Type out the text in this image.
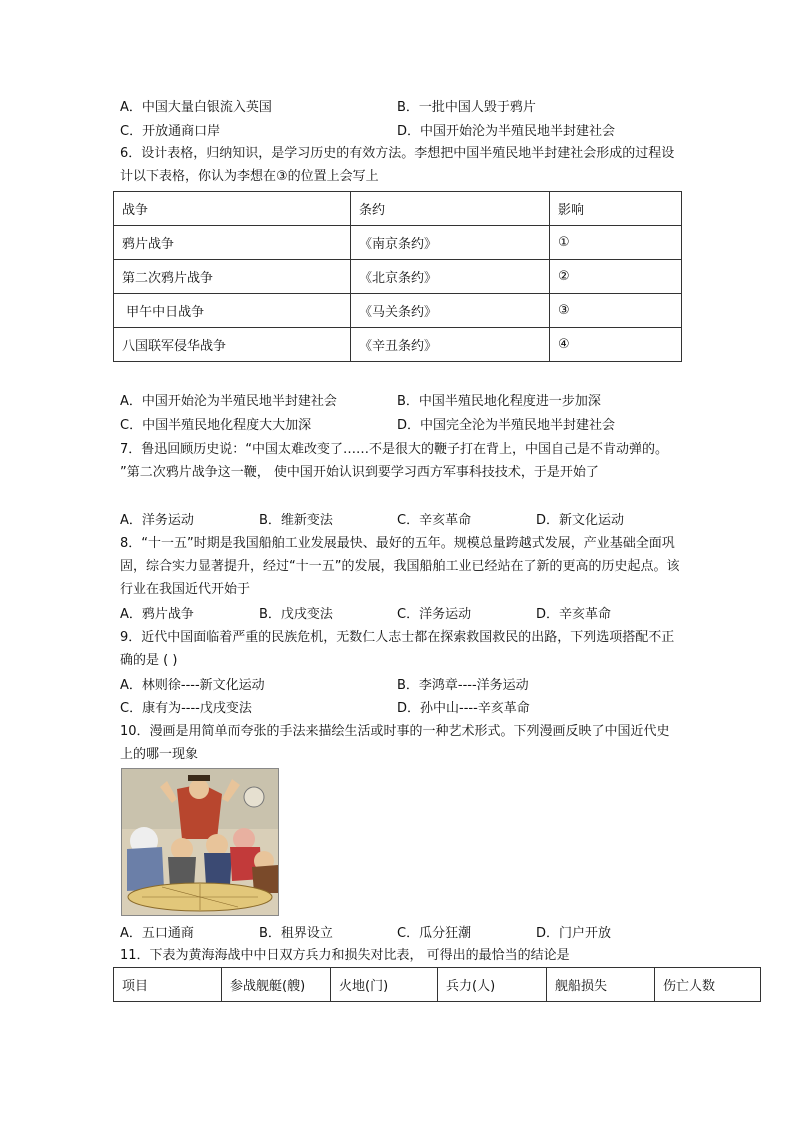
A．中国大量白银流入英国	B．一批中国人毁于鸦片
C．开放通商口岸	D．中国开始沦为半殖民地半封建社会
6．设计表格，归纳知识，是学习历史的有效方法。李想把中国半殖民地半封建社会形成的过程设计以下表格，你认为李想在③的位置上会写上
战争	条约	影响
鸦片战争	《南京条约》	①
第二次鸦片战争	《北京条约》	②
甲午中日战争	《马关条约》	③
八国联军侵华战争	《辛丑条约》	④
A．中国开始沦为半殖民地半封建社会	B．中国半殖民地化程度进一步加深
C．中国半殖民地化程度大大加深	D．中国完全沦为半殖民地半封建社会
7．鲁迅回顾历史说：“中国太难改变了……不是很大的鞭子打在背上，中国自己是不肯动弹的。 ”第二次鸦片战争这一鞭， 使中国开始认识到要学习西方军事科技技术，于是开始了
A．洋务运动	B．维新变法	C．辛亥革命	D．新文化运动
8．“十一五”时期是我国船舶工业发展最快、最好的五年。规模总量跨越式发展，产业基础全面巩固，综合实力显著提升，经过“十一五”的发展，我国船舶工业已经站在了新的更高的历史起点。该行业在我国近代开始于
A．鸦片战争	B．戊戌变法	C．洋务运动	D．辛亥革命
9．近代中国面临着严重的民族危机，无数仁人志士都在探索救国救民的出路，下列选项搭配不正确的是 ( )
A．林则徐----新文化运动	B．李鸿章----洋务运动
C．康有为----戊戌变法	D．孙中山----辛亥革命
10．漫画是用简单而夸张的手法来描绘生活或时事的一种艺术形式。下列漫画反映了中国近代史上的哪一现象
A．五口通商	B．租界设立	C．瓜分狂潮	D．门户开放
11．下表为黄海海战中中日双方兵力和损失对比表， 可得出的最恰当的结论是
项目	参战舰艇(艘)	火地(门)	兵力(人)	舰船损失	伤亡人数
